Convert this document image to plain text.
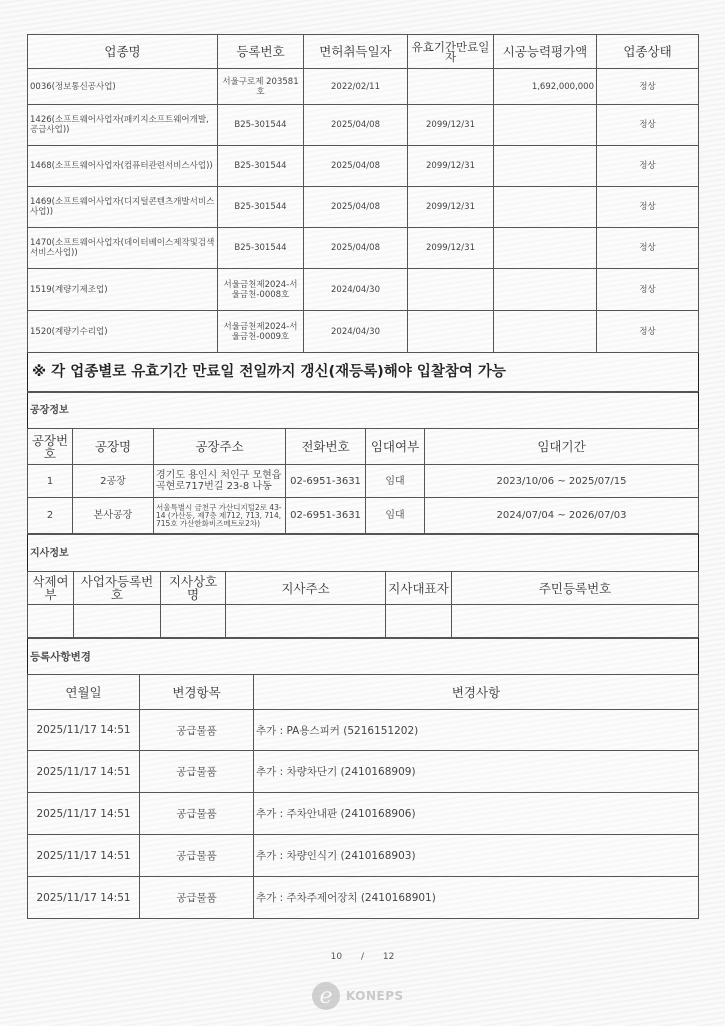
업종명	등록번호	면허취득일자	유효기간만료일자	시공능력평가액	업종상태
0036(정보통신공사업)	서울구로제 203581호	2022/02/11		1,692,000,000	정상
1426(소프트웨어사업자(패키지소프트웨어개발,공급사업))	B25-301544	2025/04/08	2099/12/31		정상
1468(소프트웨어사업자(컴퓨터관련서비스사업))	B25-301544	2025/04/08	2099/12/31		정상
1469(소프트웨어사업자(디지털콘텐츠개발서비스사업))	B25-301544	2025/04/08	2099/12/31		정상
1470(소프트웨어사업자(데이터베이스제작및검색서비스사업))	B25-301544	2025/04/08	2099/12/31		정상
1519(계량기제조업)	서울금천제2024-서울금천-0008호	2024/04/30			정상
1520(계량기수리업)	서울금천제2024-서울금천-0009호	2024/04/30			정상
※ 각 업종별로 유효기간 만료일 전일까지 갱신(재등록)해야 입찰참여 가능					
공장정보					
공장번호	공장명	공장주소	전화번호	임대여부	임대기간
1	2공장	경기도 용인시 처인구 모현읍 곡현로717번길 23-8 나동	02-6951-3631	임대	2023/10/06 ~ 2025/07/15
2	본사공장	서울특별시 금천구 가산디지털2로 43-14 (가산동, 제7층 제712, 713, 714, 715호 가산한화비즈메트로2차)	02-6951-3631	임대	2024/07/04 ~ 2026/07/03
지사정보					
삭제여부	사업자등록번호	지사상호명	지사주소	지사대표자	주민등록번호

등록사항변경		
연월일	변경항목	변경사항
2025/11/17 14:51	공급물품	추가 : PA용스피커 (5216151202)
2025/11/17 14:51	공급물품	추가 : 차량차단기 (2410168909)
2025/11/17 14:51	공급물품	추가 : 주차안내판 (2410168906)
2025/11/17 14:51	공급물품	추가 : 차량인식기 (2410168903)
2025/11/17 14:51	공급물품	추가 : 주차주제어장치 (2410168901)
10 / 12
e	KONEPS
